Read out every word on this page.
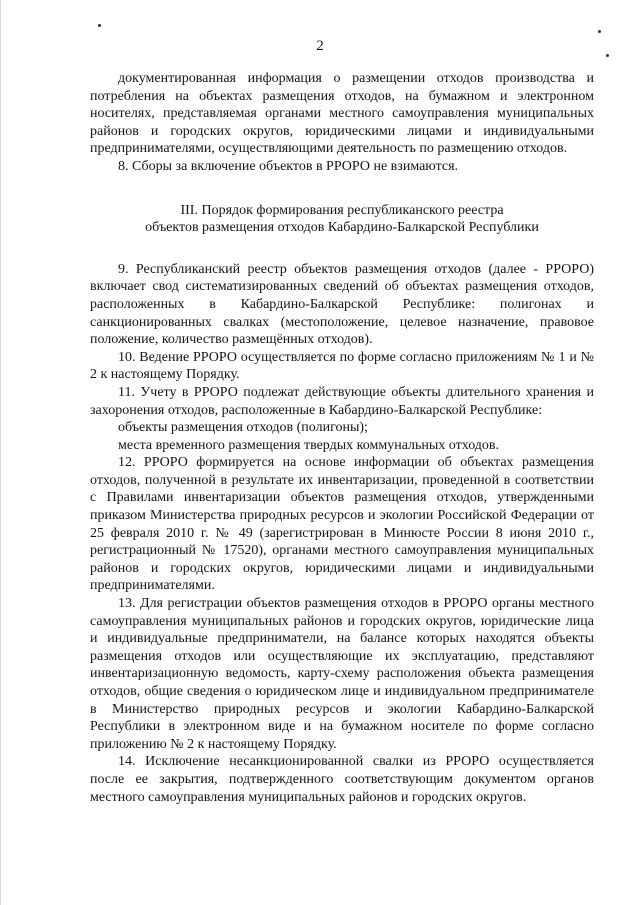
2

документированная информация о размещении отходов производства и потребления на объектах размещения отходов, на бумажном и электронном носителях, представляемая органами местного самоуправления муниципальных районов и городских округов, юридическими лицами и индивидуальными предпринимателями, осуществляющими деятельность по размещению отходов.

8. Сборы за включение объектов в РРОРО не взимаются.

III. Порядок формирования республиканского реестра
объектов размещения отходов Кабардино-Балкарской Республики

9. Республиканский реестр объектов размещения отходов (далее - РРОРО) включает свод систематизированных сведений об объектах размещения отходов, расположенных в Кабардино-Балкарской Республике: полигонах и санкционированных свалках (местоположение, целевое назначение, правовое положение, количество размещённых отходов).

10. Ведение РРОРО осуществляется по форме согласно приложениям № 1 и № 2 к настоящему Порядку.

11. Учету в РРОРО подлежат действующие объекты длительного хранения и захоронения отходов, расположенные в Кабардино-Балкарской Республике:

объекты размещения отходов (полигоны);

места временного размещения твердых коммунальных отходов.

12. РРОРО формируется на основе информации об объектах размещения отходов, полученной в результате их инвентаризации, проведенной в соответствии с Правилами инвентаризации объектов размещения отходов, утвержденными приказом Министерства природных ресурсов и экологии Российской Федерации от 25 февраля 2010 г. № 49 (зарегистрирован в Минюсте России 8 июня 2010 г., регистрационный № 17520), органами местного самоуправления муниципальных районов и городских округов, юридическими лицами и индивидуальными предпринимателями.

13. Для регистрации объектов размещения отходов в РРОРО органы местного самоуправления муниципальных районов и городских округов, юридические лица и индивидуальные предприниматели, на балансе которых находятся объекты размещения отходов или осуществляющие их эксплуатацию, представляют инвентаризационную ведомость, карту-схему расположения объекта размещения отходов, общие сведения о юридическом лице и индивидуальном предпринимателе в Министерство природных ресурсов и экологии Кабардино-Балкарской Республики в электронном виде и на бумажном носителе по форме согласно приложению № 2 к настоящему Порядку.

14. Исключение несанкционированной свалки из РРОРО осуществляется после ее закрытия, подтвержденного соответствующим документом органов местного самоуправления муниципальных районов и городских округов.
